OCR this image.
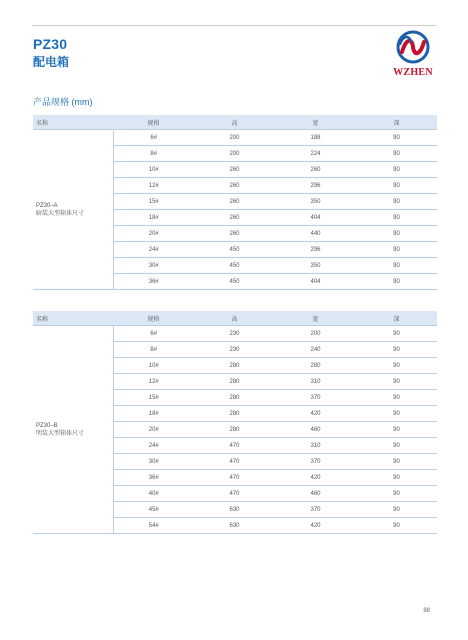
PZ30
配电箱
WZHEN
产品规格 (mm)
名称	规格	高	宽	深

PZ30–A
暗装大型箱体尺寸	6#	200	188	90
	8#	200	224	90
	10#	260	260	90
	12#	260	296	90
	15#	260	350	90
	18#	260	404	90
	20#	260	440	90
	24#	450	296	90
	30#	450	350	90
	36#	450	404	90
名称	规格	高	宽	深

PZ30–B
明装大型箱体尺寸	6#	230	200	90
	8#	230	240	90
	10#	280	280	90
	12#	280	310	90
	15#	280	370	90
	18#	280	420	90
	20#	280	460	90
	24#	470	310	90
	30#	470	370	90
	36#	470	420	90
	40#	470	460	90
	45#	630	370	90
	54#	630	420	90
88
